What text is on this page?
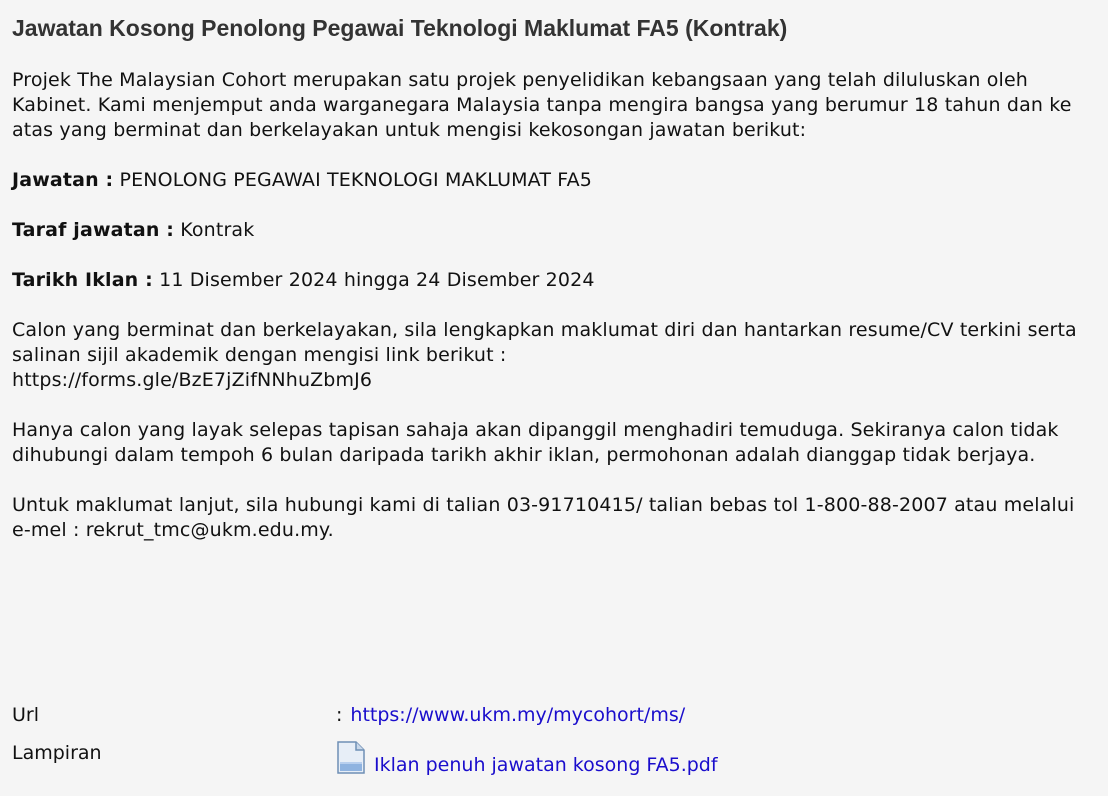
Jawatan Kosong Penolong Pegawai Teknologi Maklumat FA5 (Kontrak)

Projek The Malaysian Cohort merupakan satu projek penyelidikan kebangsaan yang telah diluluskan oleh Kabinet. Kami menjemput anda warganegara Malaysia tanpa mengira bangsa yang berumur 18 tahun dan ke atas yang berminat dan berkelayakan untuk mengisi kekosongan jawatan berikut:

Jawatan : PENOLONG PEGAWAI TEKNOLOGI MAKLUMAT FA5

Taraf jawatan : Kontrak

Tarikh Iklan : 11 Disember 2024 hingga 24 Disember 2024

Calon yang berminat dan berkelayakan, sila lengkapkan maklumat diri dan hantarkan resume/CV terkini serta salinan sijil akademik dengan mengisi link berikut :
https://forms.gle/BzE7jZifNNhuZbmJ6

Hanya calon yang layak selepas tapisan sahaja akan dipanggil menghadiri temuduga. Sekiranya calon tidak dihubungi dalam tempoh 6 bulan daripada tarikh akhir iklan, permohonan adalah dianggap tidak berjaya.

Untuk maklumat lanjut, sila hubungi kami di talian 03-91710415/ talian bebas tol 1-800-88-2007 atau melalui e-mel : rekrut_tmc@ukm.edu.my.

Url	: https://www.ukm.my/mycohort/ms/
Lampiran
Iklan penuh jawatan kosong FA5.pdf
